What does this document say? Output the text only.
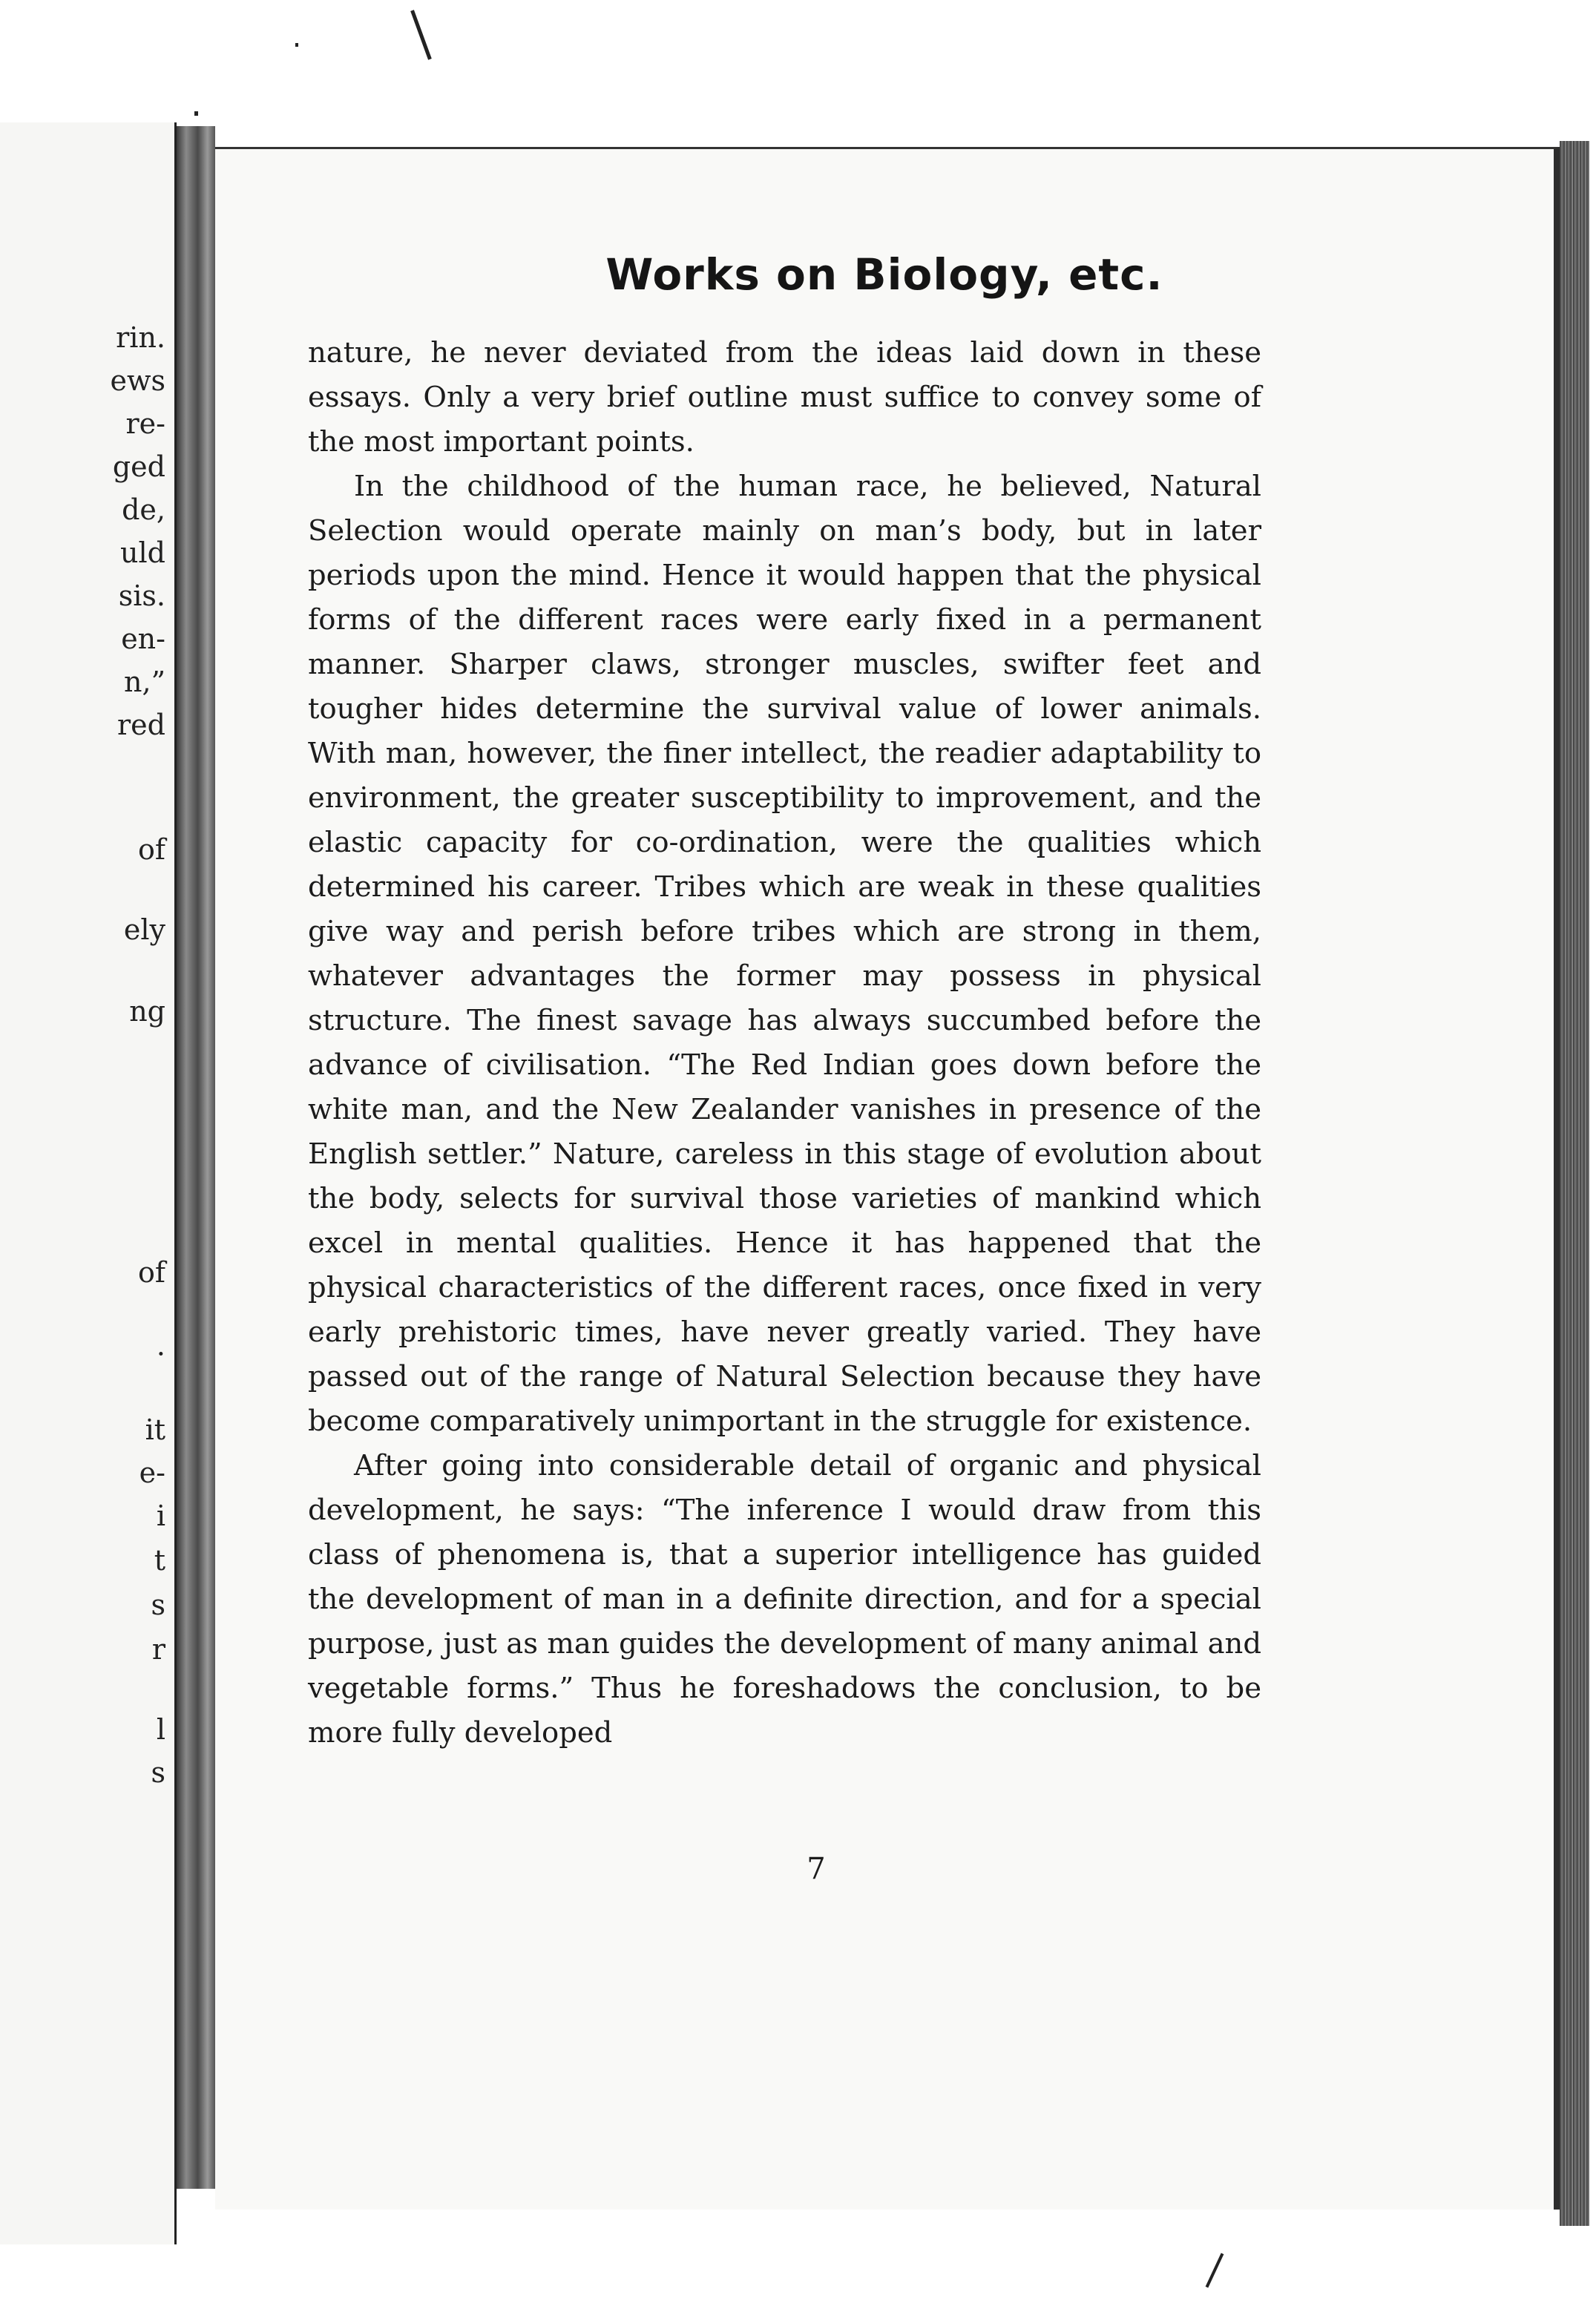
rin.
ews
re-
ged
de,
uld
sis.
en-
n,”
red
of
ely
ng
of
·
it
e-
i
t
s
r
l
s
Works on Biology, etc.

nature, he never deviated from the ideas laid down in these essays. Only a very brief outline must suffice to convey some of the most important points.

In the childhood of the human race, he believed, Natural Selection would operate mainly on man’s body, but in later periods upon the mind. Hence it would happen that the physical forms of the different races were early fixed in a permanent manner. Sharper claws, stronger muscles, swifter feet and tougher hides determine the survival value of lower animals. With man, however, the finer intellect, the readier adaptability to environment, the greater susceptibility to improvement, and the elastic capacity for co-ordination, were the qualities which determined his career. Tribes which are weak in these qualities give way and perish before tribes which are strong in them, whatever advantages the former may possess in physical structure. The finest savage has always succumbed before the advance of civilisation. “The Red Indian goes down before the white man, and the New Zealander vanishes in presence of the English settler.” Nature, careless in this stage of evolution about the body, selects for survival those varieties of mankind which excel in mental qualities. Hence it has happened that the physical characteristics of the different races, once fixed in very early prehistoric times, have never greatly varied. They have passed out of the range of Natural Selection because they have become comparatively unimportant in the struggle for existence.

After going into considerable detail of organic and physical development, he says: “The inference I would draw from this class of phenomena is, that a superior intelligence has guided the development of man in a definite direction, and for a special purpose, just as man guides the development of many animal and vegetable forms.” Thus he foreshadows the conclusion, to be more fully developed

7
